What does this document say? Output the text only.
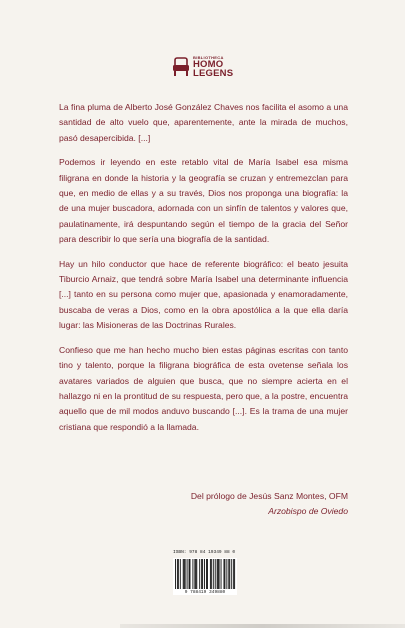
BIBLIOTHECA
HOMO
LEGENS

La fina pluma de Alberto José González Chaves nos facilita el asomo a una santidad de alto vuelo que, aparentemente, ante la mirada de muchos, pasó desapercibida. [...]

Podemos ir leyendo en este retablo vital de María Isabel esa misma filigrana en donde la historia y la geografía se cruzan y entremezclan para que, en medio de ellas y a su través, Dios nos proponga una biografía: la de una mujer buscadora, adornada con un sinfín de talentos y valores que, paulatinamente, irá despuntando según el tiempo de la gracia del Señor para describir lo que sería una biografía de la santidad.

Hay un hilo conductor que hace de referente biográfico: el beato jesuita Tiburcio Arnaiz, que tendrá sobre María Isabel una determinante influencia [...] tanto en su persona como mujer que, apasionada y enamoradamente, buscaba de veras a Dios, como en la obra apostólica a la que ella daría lugar: las Misioneras de las Doctrinas Rurales.

Confieso que me han hecho mucho bien estas páginas escritas con tanto tino y talento, porque la filigrana biográfica de esta ovetense señala los avatares variados de alguien que busca, que no siempre acierta en el hallazgo ni en la prontitud de su respuesta, pero que, a la postre, encuentra aquello que de mil modos anduvo buscando [...]. Es la trama de una mujer cristiana que respondió a la llamada.

Del prólogo de Jesús Sanz Montes, OFM
Arzobispo de Oviedo
ISBN: 978 84 19349 88 0
9 788419 349880
